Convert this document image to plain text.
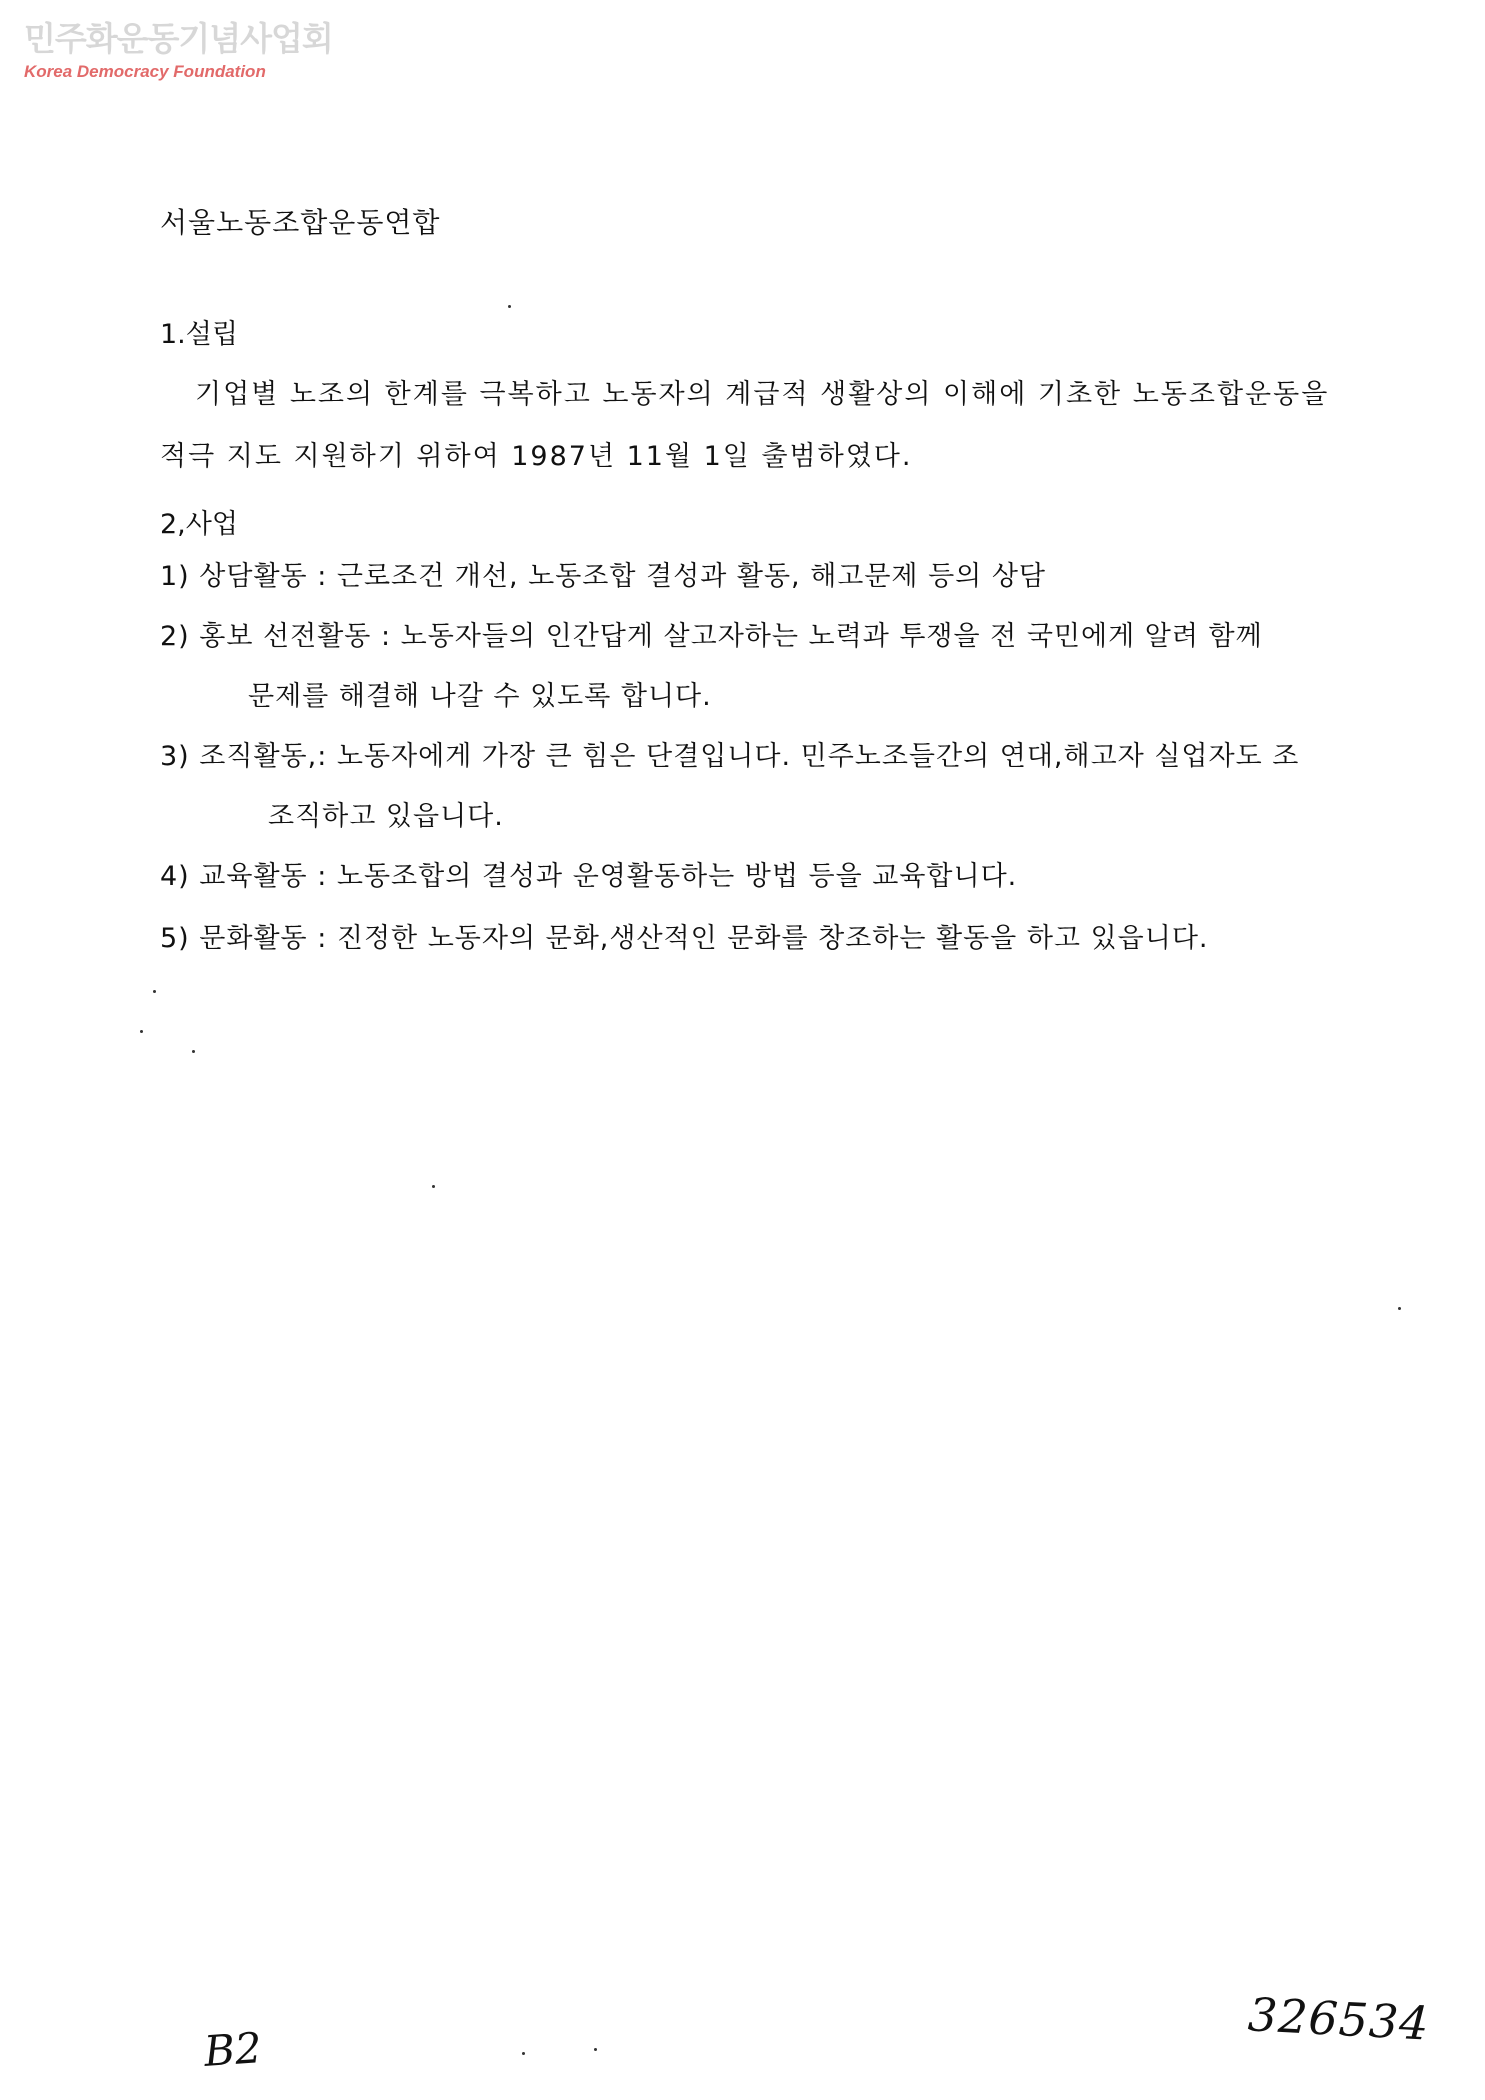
민주화운동기념사업회
Korea Democracy Foundation
서울노동조합운동연합
1.설립
기업별 노조의 한계를 극복하고 노동자의 계급적 생활상의 이해에 기초한 노동조합운동을
적극 지도 지원하기 위하여 1987년 11월 1일 출범하였다.
2,사업
1) 상담활동 : 근로조건 개선, 노동조합 결성과 활동, 해고문제 등의 상담
2) 홍보 선전활동 : 노동자들의 인간답게 살고자하는 노력과 투쟁을 전 국민에게 알려 함께
문제를 해결해 나갈 수 있도록 합니다.
3) 조직활동,: 노동자에게 가장 큰 힘은 단결입니다. 민주노조들간의 연대,해고자 실업자도 조
조직하고 있읍니다.
4) 교육활동 : 노동조합의 결성과 운영활동하는 방법 등을 교육합니다.
5) 문화활동 : 진정한 노동자의 문화,생산적인 문화를 창조하는 활동을 하고 있읍니다.
326534
B2
